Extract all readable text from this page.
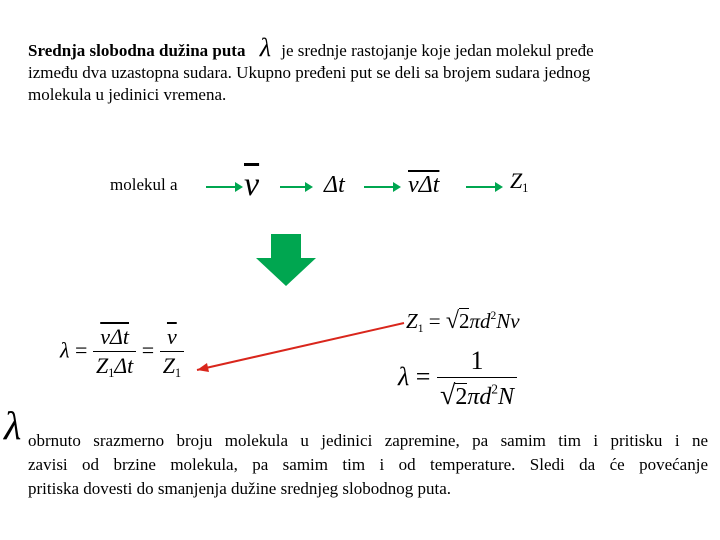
Srednja slobodna dužina puta λ je srednje rastojanje koje jedan molekul pređe
između dva uzastopna sudara. Ukupno pređeni put se deli sa brojem sudara jednog
molekula u jedinici vremena.
molekul a $\overline{v}$	Δt	$\overline{v\Delta t}$	$Z_1$
$\lambda = \frac{\overline{v\Delta t}}{Z_1\Delta t} = \frac{\overline{v}}{Z_1}$
$Z_1 = √2\pi d^2Nv$
$\lambda = \frac{1}{√2\pi d^2N}$
λ obrnuto srazmerno broju molekula u jedinici zapremine, pa samim tim i pritisku i ne
zavisi od brzine molekula, pa samim tim i od temperature. Sledi da će povećanje
pritiska dovesti do smanjenja dužine srednjeg slobodnog puta.
